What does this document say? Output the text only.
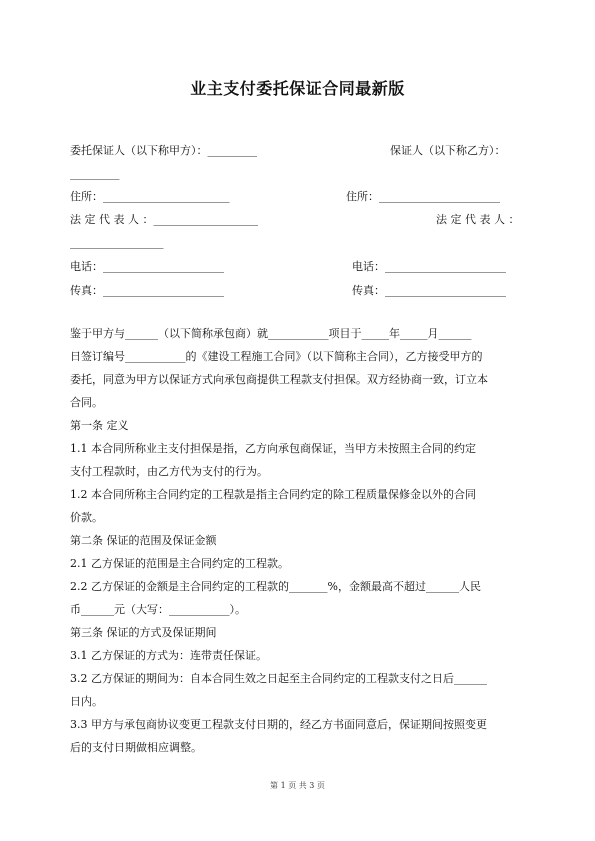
业主支付委托保证合同最新版
委托保证人（以下称甲方）：_________	保证人（以下称乙方）：
_________
住所：_______________________	住所：______________________
法 定 代 表 人 ：___________________	法 定 代 表 人 ：
_________________
电话：______________________	电话：______________________
传真：______________________	传真：______________________
鉴于甲方与______（以下简称承包商）就___________项目于_____年_____月______
日签订编号___________的《建设工程施工合同》（以下简称主合同），乙方接受甲方的
委托，同意为甲方以保证方式向承包商提供工程款支付担保。双方经协商一致，订立本
合同。
第一条 定义
1.1 本合同所称业主支付担保是指，乙方向承包商保证，当甲方未按照主合同的约定
支付工程款时，由乙方代为支付的行为。
1.2 本合同所称主合同约定的工程款是指主合同约定的除工程质量保修金以外的合同
价款。
第二条 保证的范围及保证金额
2.1 乙方保证的范围是主合同约定的工程款。
2.2 乙方保证的金额是主合同约定的工程款的_______%，金额最高不超过______人民
币______元（大写：___________）。
第三条 保证的方式及保证期间
3.1 乙方保证的方式为：连带责任保证。
3.2 乙方保证的期间为：自本合同生效之日起至主合同约定的工程款支付之日后______
日内。
3.3 甲方与承包商协议变更工程款支付日期的，经乙方书面同意后，保证期间按照变更
后的支付日期做相应调整。
第 1 页 共 3 页
